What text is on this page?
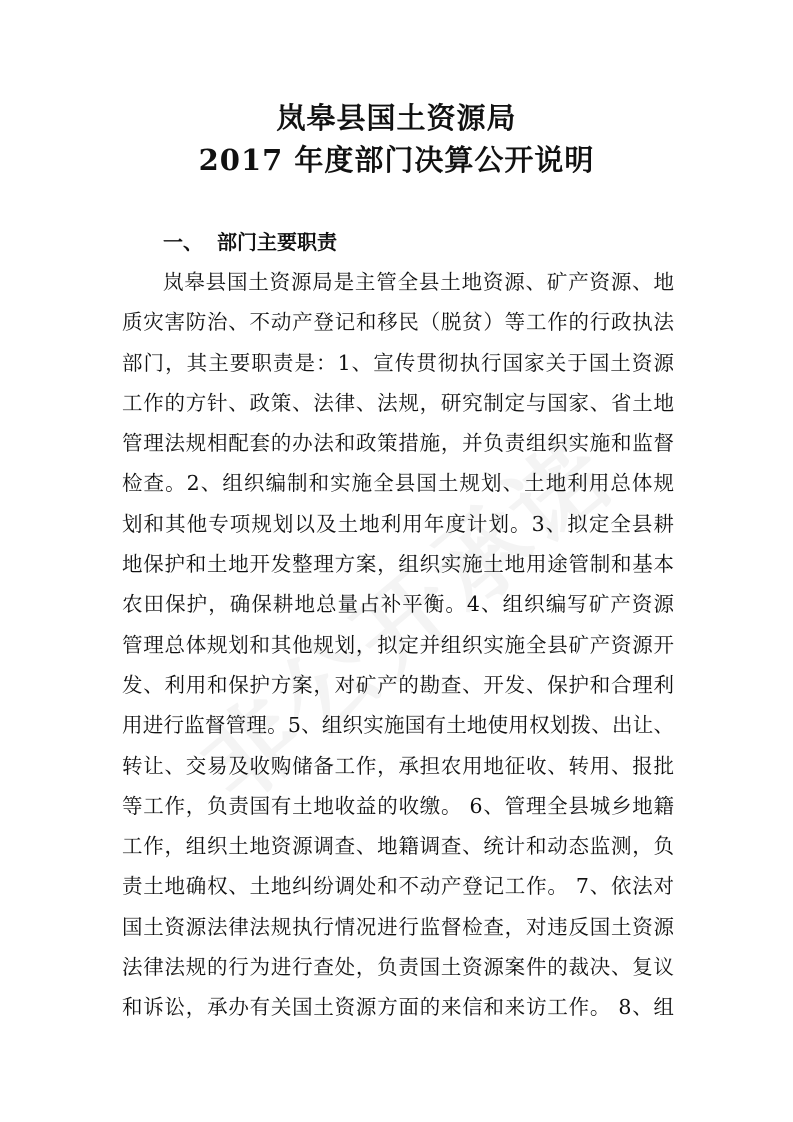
岚皋县国土资源局
2017 年度部门决算公开说明
一、 部门主要职责
岚皋县国土资源局是主管全县土地资源、矿产资源、地
质灾害防治、不动产登记和移民（脱贫）等工作的行政执法
部门，其主要职责是：1、宣传贯彻执行国家关于国土资源
工作的方针、政策、法律、法规，研究制定与国家、省土地
管理法规相配套的办法和政策措施，并负责组织实施和监督
检查。2、组织编制和实施全县国土规划、土地利用总体规
划和其他专项规划以及土地利用年度计划。3、拟定全县耕
地保护和土地开发整理方案，组织实施土地用途管制和基本
农田保护，确保耕地总量占补平衡。4、组织编写矿产资源
管理总体规划和其他规划，拟定并组织实施全县矿产资源开
发、利用和保护方案，对矿产的勘查、开发、保护和合理利
用进行监督管理。5、组织实施国有土地使用权划拨、出让、
转让、交易及收购储备工作，承担农用地征收、转用、报批
等工作，负责国有土地收益的收缴。 6、管理全县城乡地籍
工作，组织土地资源调查、地籍调查、统计和动态监测，负
责土地确权、土地纠纷调处和不动产登记工作。 7、依法对
国土资源法律法规执行情况进行监督检查，对违反国土资源
法律法规的行为进行查处，负责国土资源案件的裁决、复议
和诉讼，承办有关国土资源方面的来信和来访工作。 8、组
